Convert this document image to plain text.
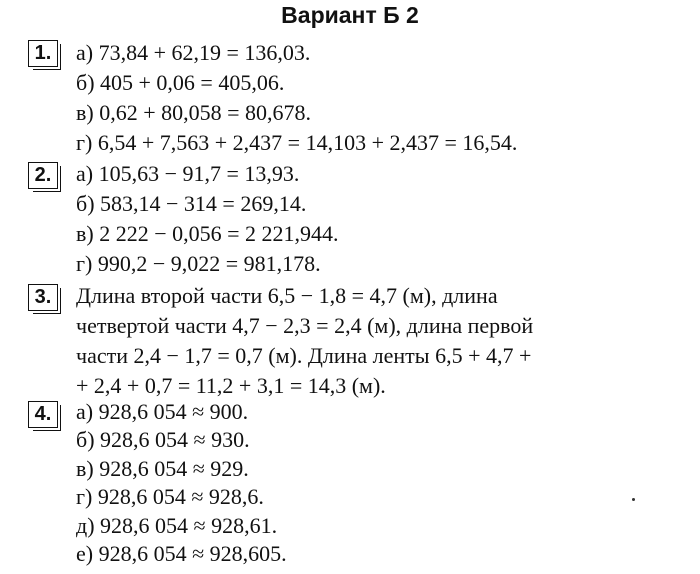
Вариант Б 2
1.	а) 73,84 + 62,19 = 136,03.
б) 405 + 0,06 = 405,06.
в) 0,62 + 80,058 = 80,678.
г) 6,54 + 7,563 + 2,437 = 14,103 + 2,437 = 16,54.
2.	а) 105,63 − 91,7 = 13,93.
б) 583,14 − 314 = 269,14.
в) 2 222 − 0,056 = 2 221,944.
г) 990,2 − 9,022 = 981,178.
3.	Длина второй части 6,5 − 1,8 = 4,7 (м), длина
четвертой части 4,7 − 2,3 = 2,4 (м), длина первой
части 2,4 − 1,7 = 0,7 (м). Длина ленты 6,5 + 4,7 +
+ 2,4 + 0,7 = 11,2 + 3,1 = 14,3 (м).
4.	а) 928,6 054 ≈ 900.
б) 928,6 054 ≈ 930.
в) 928,6 054 ≈ 929.
г) 928,6 054 ≈ 928,6.
д) 928,6 054 ≈ 928,61.
е) 928,6 054 ≈ 928,605.
